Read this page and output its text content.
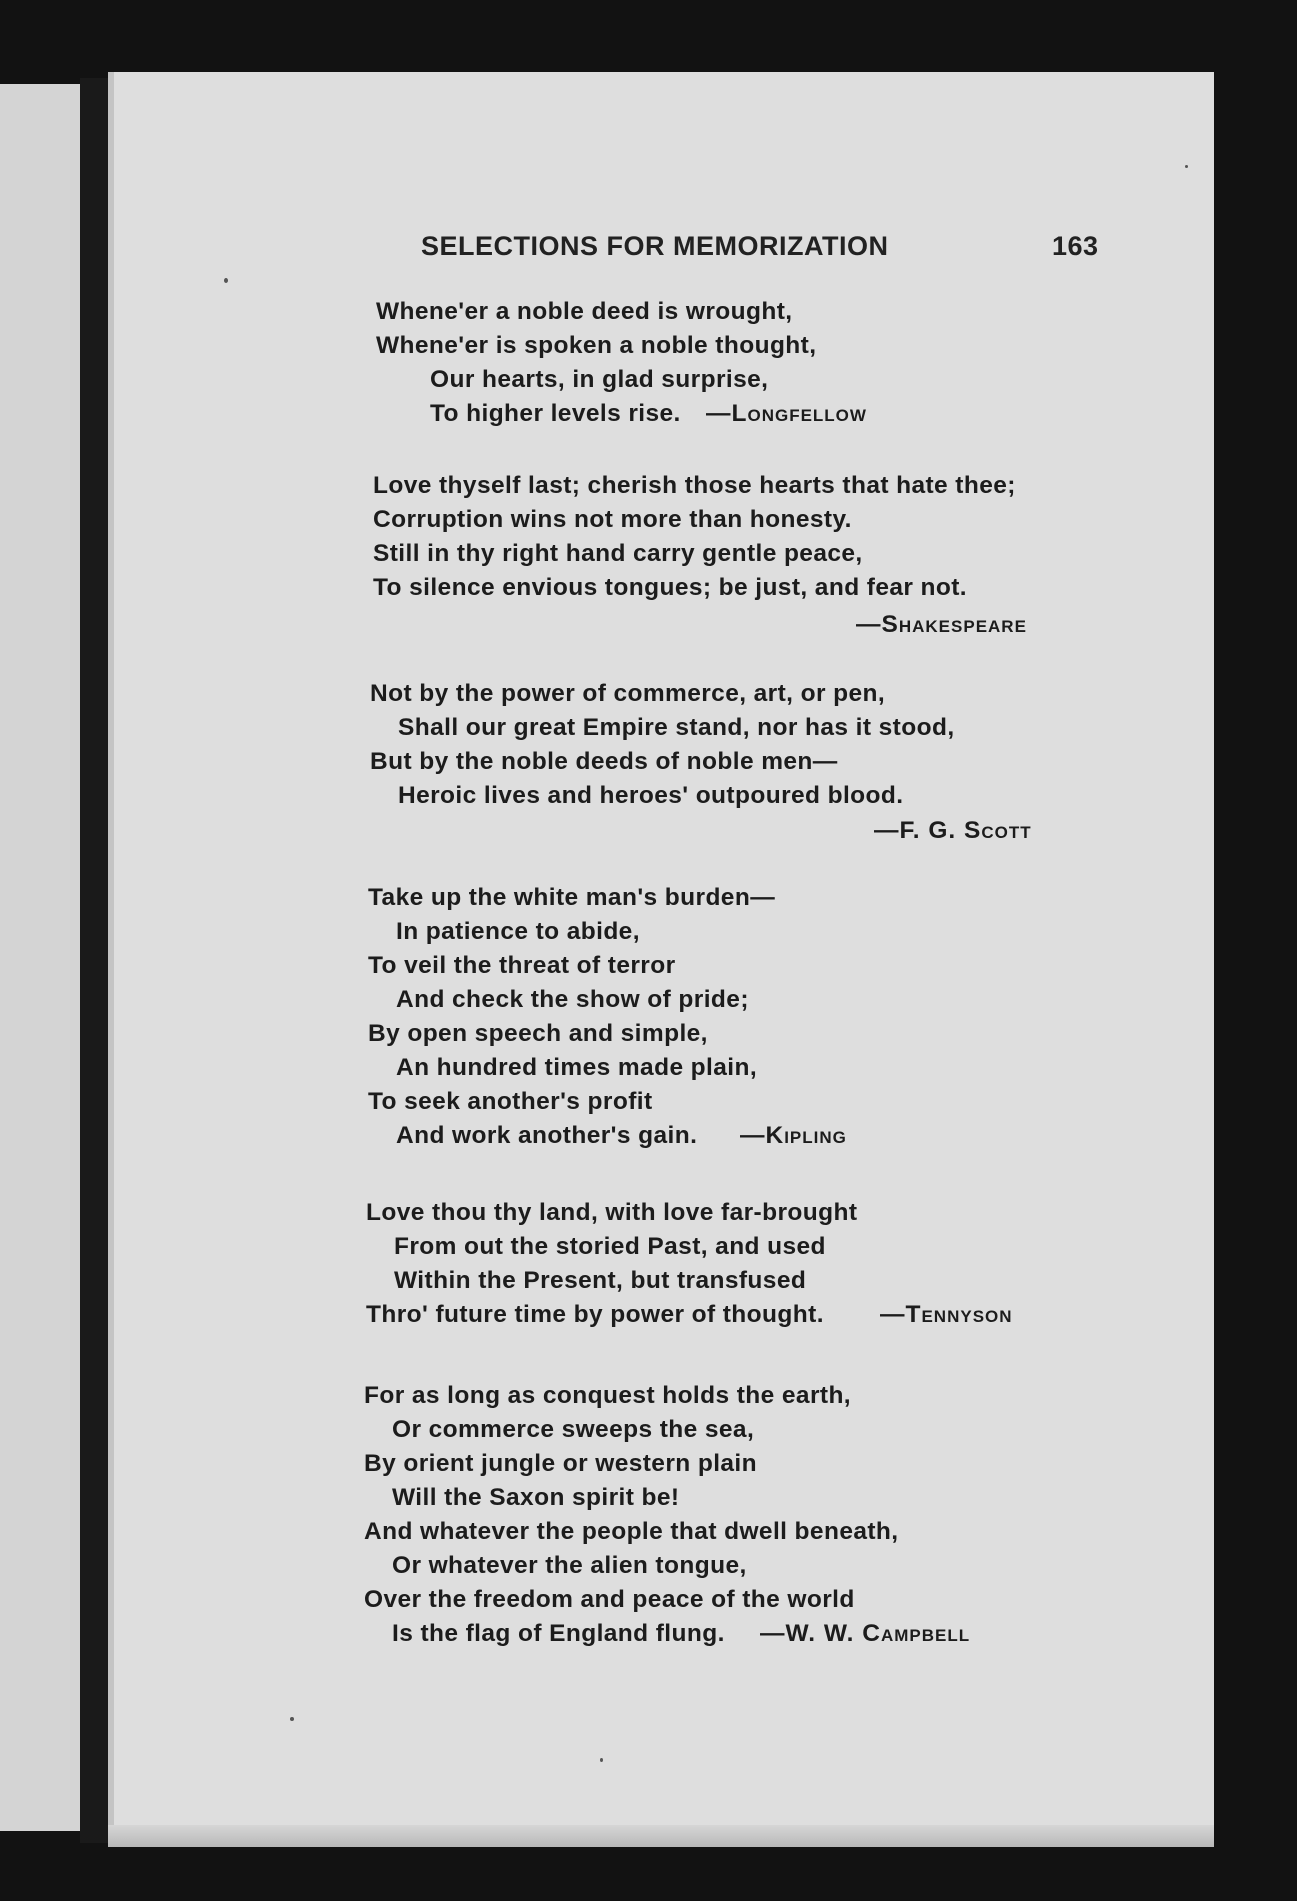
SELECTIONS FOR MEMORIZATION	163
Whene'er a noble deed is wrought,
Whene'er is spoken a noble thought,
Our hearts, in glad surprise,
To higher levels rise. —Longfellow
Love thyself last; cherish those hearts that hate thee;
Corruption wins not more than honesty.
Still in thy right hand carry gentle peace,
To silence envious tongues; be just, and fear not.
—Shakespeare
Not by the power of commerce, art, or pen,
Shall our great Empire stand, nor has it stood,
But by the noble deeds of noble men—
Heroic lives and heroes' outpoured blood.
—F. G. Scott
Take up the white man's burden—
In patience to abide,
To veil the threat of terror
And check the show of pride;
By open speech and simple,
An hundred times made plain,
To seek another's profit
And work another's gain. —Kipling
Love thou thy land, with love far-brought
From out the storied Past, and used
Within the Present, but transfused
Thro' future time by power of thought. —Tennyson
For as long as conquest holds the earth,
Or commerce sweeps the sea,
By orient jungle or western plain
Will the Saxon spirit be!
And whatever the people that dwell beneath,
Or whatever the alien tongue,
Over the freedom and peace of the world
Is the flag of England flung. —W. W. Campbell
